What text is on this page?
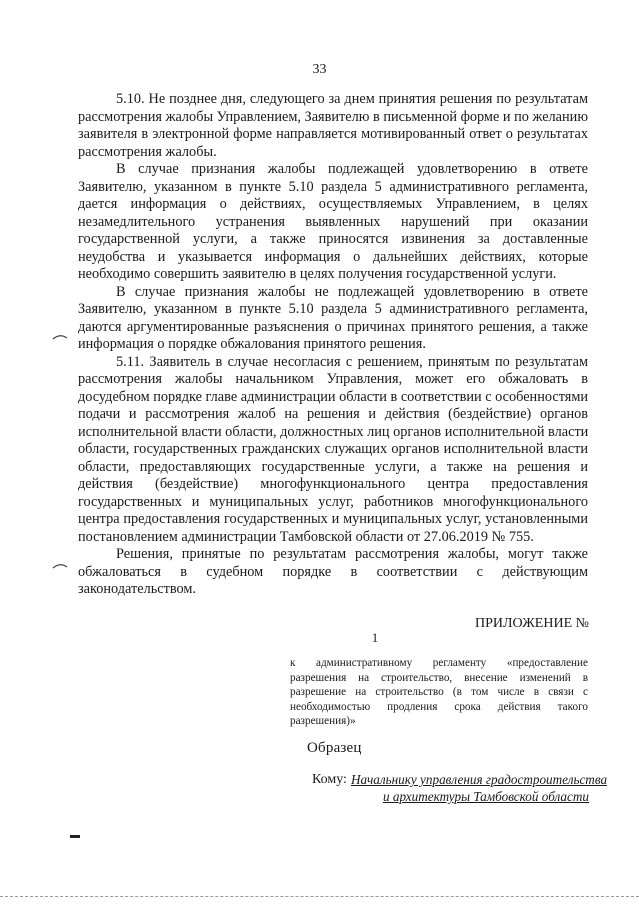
33
5.10. Не позднее дня, следующего за днем принятия решения по результатам
рассмотрения жалобы Управлением, Заявителю в письменной форме и по желанию
заявителя в электронной форме направляется мотивированный ответ о результатах
рассмотрения жалобы.
В случае признания жалобы подлежащей удовлетворению в ответе
Заявителю, указанном в пункте 5.10 раздела 5 административного регламента,
дается информация о действиях, осуществляемых Управлением, в целях
незамедлительного устранения выявленных нарушений при оказании
государственной услуги, а также приносятся извинения за доставленные
неудобства и указывается информация о дальнейших действиях, которые
необходимо совершить заявителю в целях получения государственной услуги.
В случае признания жалобы не подлежащей удовлетворению в ответе
Заявителю, указанном в пункте 5.10 раздела 5 административного регламента,
даются аргументированные разъяснения о причинах принятого решения, а также
информация о порядке обжалования принятого решения.
5.11. Заявитель в случае несогласия с решением, принятым по результатам
рассмотрения жалобы начальником Управления, может его обжаловать в
досудебном порядке главе администрации области в соответствии с особенностями
подачи и рассмотрения жалоб на решения и действия (бездействие) органов
исполнительной власти области, должностных лиц органов исполнительной власти
области, государственных гражданских служащих органов исполнительной власти
области, предоставляющих государственные услуги, а также на решения и
действия (бездействие) многофункционального центра предоставления
государственных и муниципальных услуг, работников многофункционального
центра предоставления государственных и муниципальных услуг, установленными
постановлением администрации Тамбовской области от 27.06.2019 № 755.
Решения, принятые по результатам рассмотрения жалобы, могут также
обжаловаться в судебном порядке в соответствии с действующим
законодательством.
ПРИЛОЖЕНИЕ №
1
к административному регламенту «предоставление
разрешения на строительство, внесение изменений в
разрешение на строительство (в том числе в связи с
необходимостью продления срока действия такого
разрешения)»
Образец
Кому: Начальнику управления градостроительства
и архитектуры Тамбовской области
